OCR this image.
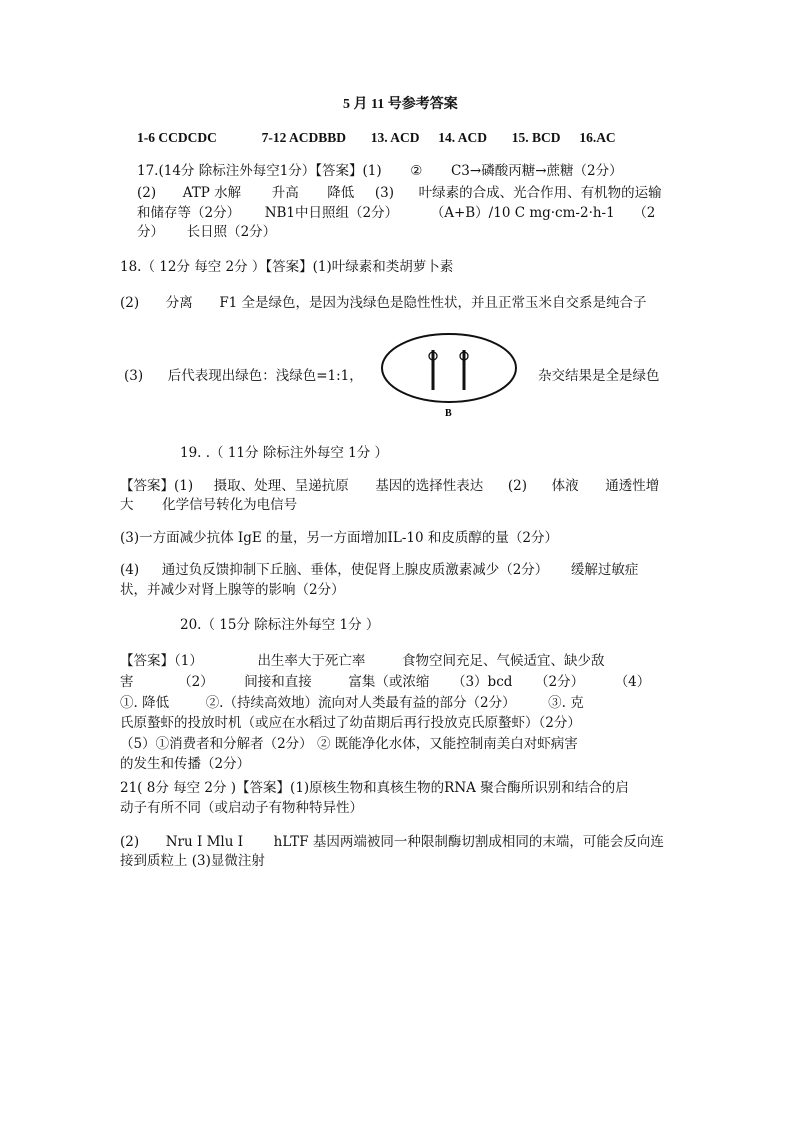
5 月 11 号参考答案
1-6 CCDCDC	7-12 ACDBBD 13. ACD 14. ACD 15. BCD 16.AC
17.(14分 除标注外每空1分）【答案】(1) ② C3→磷酸丙糖→蔗糖（2分）
(2) ATP 水解 升高 降低 (3) 叶绿素的合成、光合作用、有机物的运输
和储存等（2分） NB1中日照组（2分） （A+B）/10 C mg·cm-2·h-1 （2
分） 长日照（2分）
18.（ 12分 每空 2分 ）【答案】(1)叶绿素和类胡萝卜素
(2) 分离 F1 全是绿色，是因为浅绿色是隐性性状，并且正常玉米自交系是纯合子
(3) 后代表现出绿色：浅绿色=1:1，	杂交结果是全是绿色
B
19. .（ 11分 除标注外每空 1分 ）
【答案】(1) 摄取、处理、呈递抗原 基因的选择性表达 (2) 体液 通透性增
大 化学信号转化为电信号
(3)一方面减少抗体 IgE 的量，另一方面增加IL-10 和皮质醇的量（2分）
(4) 通过负反馈抑制下丘脑、垂体，使促肾上腺皮质激素减少（2分） 缓解过敏症
状，并减少对肾上腺等的影响（2分）
20.（ 15分 除标注外每空 1分 ）
【答案】（1）	出生率大于死亡率	食物空间充足、气候适宜、缺少敌
害	（2） 间接和直接	富集（或浓缩 （3）bcd （2分） （4）
①. 降低	②.（持续高效地）流向对人类最有益的部分（2分） ③. 克
氏原螯虾的投放时机（或应在水稻过了幼苗期后再行投放克氏原螯虾）（2分）
（5）①消费者和分解者（2分） ② 既能净化水体，又能控制南美白对虾病害
的发生和传播（2分）
21( 8分 每空 2分 )【答案】(1)原核生物和真核生物的RNA 聚合酶所识别和结合的启
动子有所不同（或启动子有物种特异性）
(2) Nru I Mlu I hLTF 基因两端被同一种限制酶切割成相同的末端，可能会反向连
接到质粒上 (3)显微注射
